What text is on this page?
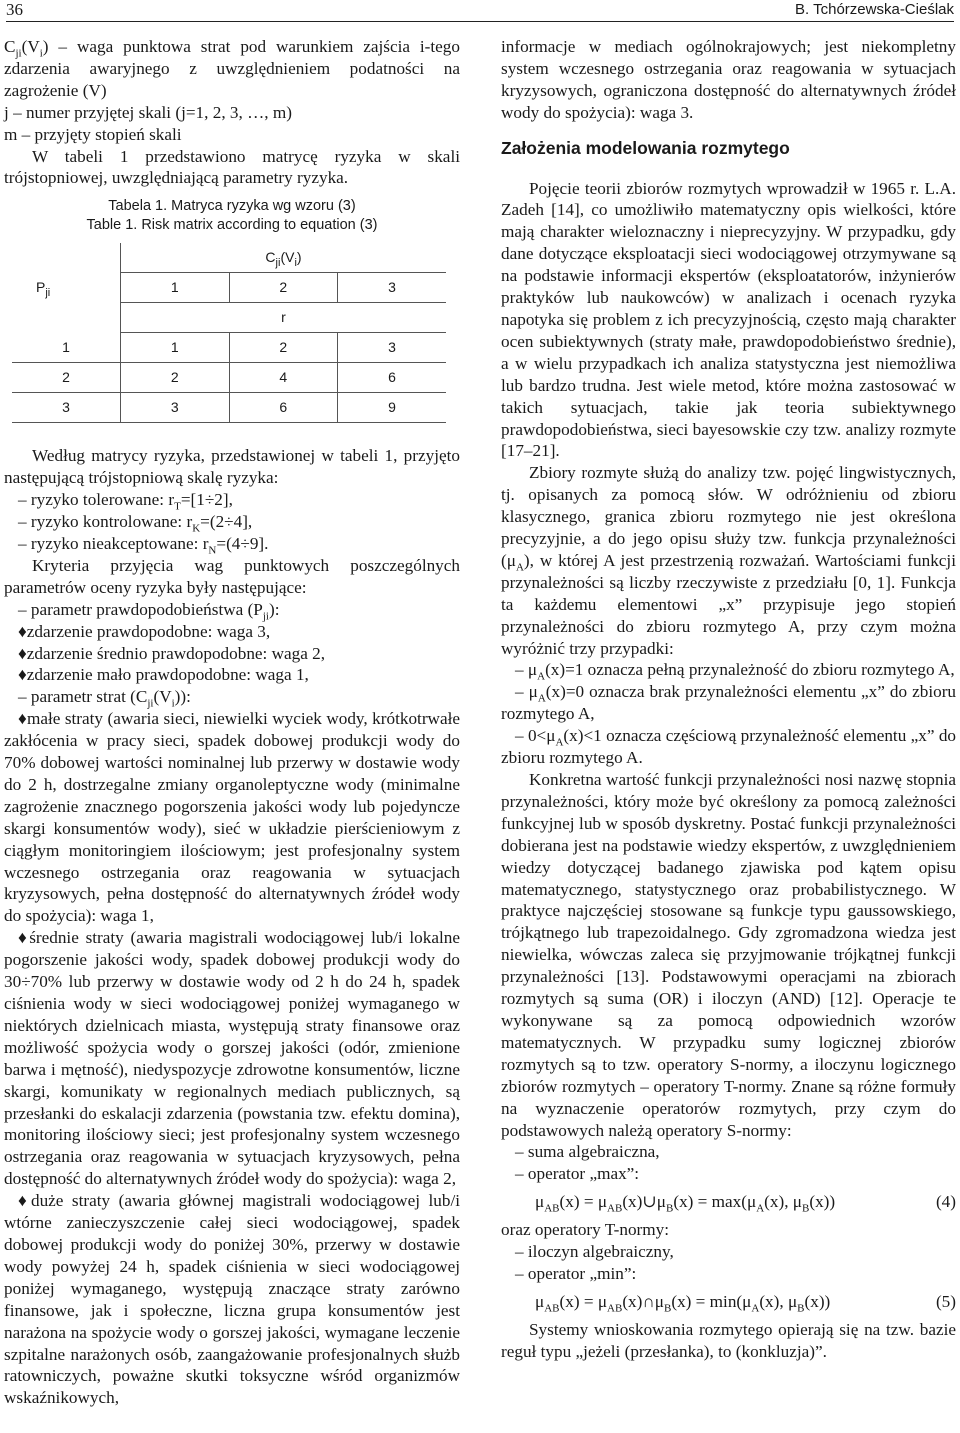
36	B. Tchórzewska-Cieślak

$C_{ji}(V_i)$ – waga punktowa strat pod warunkiem zajścia i-tego zdarzenia awaryjnego z uwzględnieniem podatności na zagrożenie (V)

j – numer przyjętej skali (j=1, 2, 3, …, m)

m – przyjęty stopień skali

W tabeli 1 przedstawiono matrycę ryzyka w skali trójstopniowej, uwzględniającą parametry ryzyka.

Tabela 1. Matryca ryzyka wg wzoru (3)
Table 1. Risk matrix according to equation (3)
	$C_{ji}(V_i)$		
$P_{ji}$	1	2	3
	r		
1	1	2	3
2	2	4	6
3	3	6	9

Według matrycy ryzyka, przedstawionej w tabeli 1, przyjęto następującą trójstopniową skalę ryzyka:

– ryzyko tolerowane: $r_T=[1\div 2]$,

– ryzyko kontrolowane: $r_K=(2\div 4]$,

– ryzyko nieakceptowane: $r_N=(4\div 9]$.

Kryteria przyjęcia wag punktowych poszczególnych parametrów oceny ryzyka były następujące:

– parametr prawdopodobieństwa $(P_{ji})$:

♦ zdarzenie prawdopodobne: waga 3,

♦ zdarzenie średnio prawdopodobne: waga 2,

♦ zdarzenie mało prawdopodobne: waga 1,

– parametr strat $(C_{ji}(V_i))$:

♦ małe straty (awaria sieci, niewielki wyciek wody, krótkotrwałe zakłócenia w pracy sieci, spadek dobowej produkcji wody do 70% dobowej wartości nominalnej lub przerwy w dostawie wody do 2 h, dostrzegalne zmiany organoleptyczne wody (minimalne zagrożenie znacznego pogorszenia jakości wody lub pojedyncze skargi konsumentów wody), sieć w układzie pierścieniowym z ciągłym monitoringiem ilościowym; jest profesjonalny system wczesnego ostrzegania oraz reagowania w sytuacjach kryzysowych, pełna dostępność do alternatywnych źródeł wody do spożycia): waga 1,

♦ średnie straty (awaria magistrali wodociągowej lub/i lokalne pogorszenie jakości wody, spadek dobowej produkcji wody do 30÷70% lub przerwy w dostawie wody od 2 h do 24 h, spadek ciśnienia wody w sieci wodociągowej poniżej wymaganego w niektórych dzielnicach miasta, występują straty finansowe oraz możliwość spożycia wody o gorszej jakości (odór, zmienione barwa i mętność), niedyspozycje zdrowotne konsumentów, liczne skargi, komunikaty w regionalnych mediach publicznych, są przesłanki do eskalacji zdarzenia (powstania tzw. efektu domina), monitoring ilościowy sieci; jest profesjonalny system wczesnego ostrzegania oraz reagowania w sytuacjach kryzysowych, pełna dostępność do alternatywnych źródeł wody do spożycia): waga 2,

♦ duże straty (awaria głównej magistrali wodociągowej lub/i wtórne zanieczyszczenie całej sieci wodociągowej, spadek dobowej produkcji wody do poniżej 30%, przerwy w dostawie wody powyżej 24 h, spadek ciśnienia w sieci wodociągowej poniżej wymaganego, występują znaczące straty zarówno finansowe, jak i społeczne, liczna grupa konsumentów jest narażona na spożycie wody o gorszej jakości, wymagane leczenie szpitalne narażonych osób, zaangażowanie profesjonalnych służb ratowniczych, poważne skutki toksyczne wśród organizmów wskaźnikowych,

informacje w mediach ogólnokrajowych; jest niekompletny system wczesnego ostrzegania oraz reagowania w sytuacjach kryzysowych, ograniczona dostępność do alternatywnych źródeł wody do spożycia): waga 3.

Założenia modelowania rozmytego

Pojęcie teorii zbiorów rozmytych wprowadził w 1965 r. L.A. Zadeh [14], co umożliwiło matematyczny opis wielkości, które mają charakter wieloznaczny i nieprecyzyjny. W przypadku, gdy dane dotyczące eksploatacji sieci wodociągowej otrzymywane są na podstawie informacji ekspertów (eksploatatorów, inżynierów praktyków lub naukowców) w analizach i ocenach ryzyka napotyka się problem z ich precyzyjnością, często mają charakter ocen subiektywnych (straty małe, prawdopodobieństwo średnie), a w wielu przypadkach ich analiza statystyczna jest niemożliwa lub bardzo trudna. Jest wiele metod, które można zastosować w takich sytuacjach, takie jak teoria subiektywnego prawdopodobieństwa, sieci bayesowskie czy tzw. analizy rozmyte [17–21].

Zbiory rozmyte służą do analizy tzw. pojęć lingwistycznych, tj. opisanych za pomocą słów. W odróżnieniu od zbioru klasycznego, granica zbioru rozmytego nie jest określona precyzyjnie, a do jego opisu służy tzw. funkcja przynależności $(\mu_A)$, w której A jest przestrzenią rozważań. Wartościami funkcji przynależności są liczby rzeczywiste z przedziału [0, 1]. Funkcja ta każdemu elementowi „x” przypisuje jego stopień przynależności do zbioru rozmytego A, przy czym można wyróżnić trzy przypadki:

– $\mu_A(x)=1$ oznacza pełną przynależność do zbioru rozmytego A,

– $\mu_A(x)=0$ oznacza brak przynależności elementu „x” do zbioru rozmytego A,

– $0<\mu_A(x)<1$ oznacza częściową przynależność elementu „x” do zbioru rozmytego A.

Konkretna wartość funkcji przynależności nosi nazwę stopnia przynależności, który może być określony za pomocą zależności funkcyjnej lub w sposób dyskretny. Postać funkcji przynależności dobierana jest na podstawie wiedzy ekspertów, z uwzględnieniem wiedzy dotyczącej badanego zjawiska pod kątem opisu matematycznego, statystycznego oraz probabilistycznego. W praktyce najczęściej stosowane są funkcje typu gaussowskiego, trójkątnego lub trapezoidalnego. Gdy zgromadzona wiedza jest niewielka, wówczas zaleca się przyjmowanie trójkątnej funkcji przynależności [13]. Podstawowymi operacjami na zbiorach rozmytych są suma (OR) i iloczyn (AND) [12]. Operacje te wykonywane są za pomocą odpowiednich wzorów matematycznych. W przypadku sumy logicznej zbiorów rozmytych są to tzw. operatory S-normy, a iloczynu logicznego zbiorów rozmytych – operatory T-normy. Znane są różne formuły na wyznaczenie operatorów rozmytych, przy czym do podstawowych należą operatory S-normy:

– suma algebraiczna,

– operator „max”:

$\mu_{AB}(x)$ = $\mu_{AB}(x)\cup\mu_B(x) = \max(\mu_A(x)$, $\mu_B(x)$)	(4)

oraz operatory T-normy:

– iloczyn algebraiczny,

– operator „min”:

$\mu_{AB}(x)$ = $\mu_{AB}(x)\cap\mu_B(x) = \min(\mu_A(x)$, $\mu_B(x)$)	(5)

Systemy wnioskowania rozmytego opierają się na tzw. bazie reguł typu „jeżeli (przesłanka), to (konkluzja)”.
